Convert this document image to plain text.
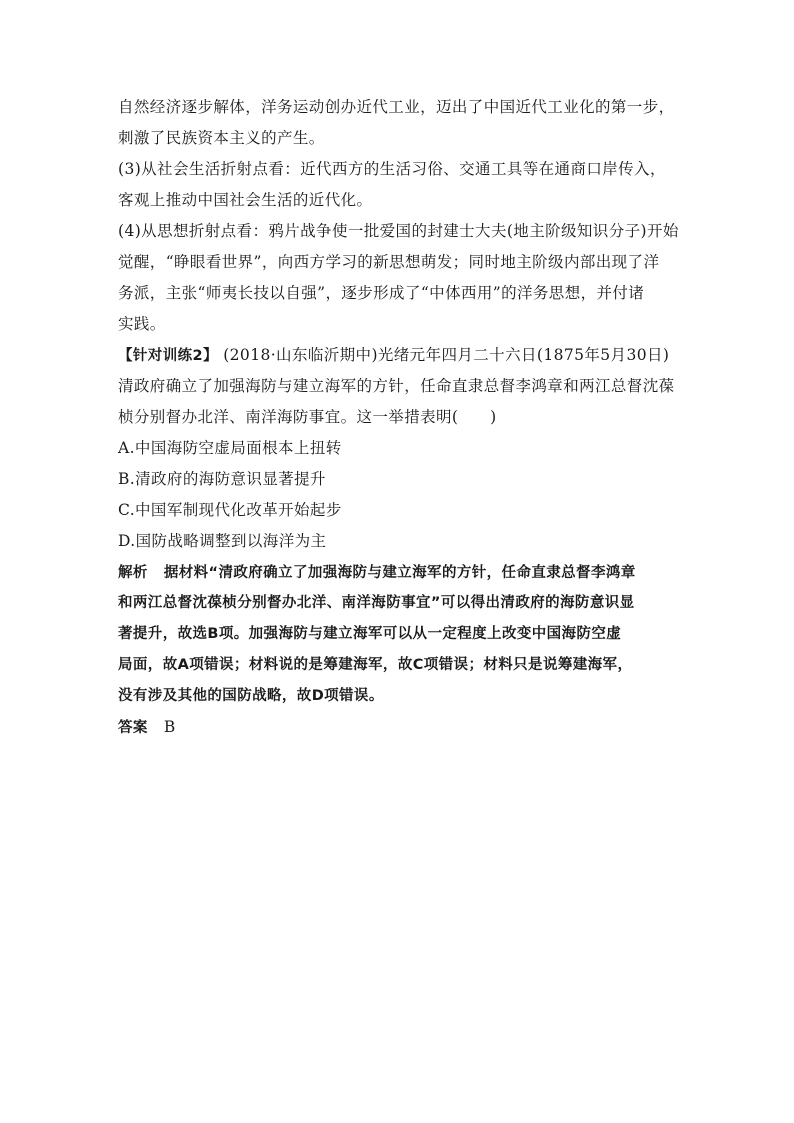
自然经济逐步解体，洋务运动创办近代工业，迈出了中国近代工业化的第一步，
刺激了民族资本主义的产生。
(3)从社会生活折射点看：近代西方的生活习俗、交通工具等在通商口岸传入，
客观上推动中国社会生活的近代化。
(4)从思想折射点看：鸦片战争使一批爱国的封建士大夫(地主阶级知识分子)开始
觉醒，“睁眼看世界”，向西方学习的新思想萌发；同时地主阶级内部出现了洋
务派，主张“师夷长技以自强”，逐步形成了“中体西用”的洋务思想，并付诸
实践。
【针对训练2】 (2018·山东临沂期中)光绪元年四月二十六日(1875年5月30日)
清政府确立了加强海防与建立海军的方针，任命直隶总督李鸿章和两江总督沈葆
桢分别督办北洋、南洋海防事宜。这一举措表明(　　)
A.中国海防空虚局面根本上扭转
B.清政府的海防意识显著提升
C.中国军制现代化改革开始起步
D.国防战略调整到以海洋为主
解析 据材料“清政府确立了加强海防与建立海军的方针，任命直隶总督李鸿章
和两江总督沈葆桢分别督办北洋、南洋海防事宜”可以得出清政府的海防意识显
著提升，故选B项。加强海防与建立海军可以从一定程度上改变中国海防空虚
局面，故A项错误；材料说的是筹建海军，故C项错误；材料只是说筹建海军，
没有涉及其他的国防战略，故D项错误。
答案 B
